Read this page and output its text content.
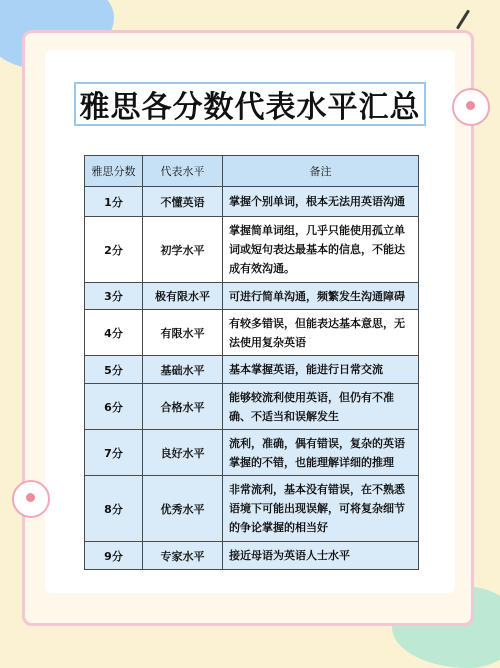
雅思各分数代表水平汇总
雅思分数	代表水平	备注
1分	不懂英语	掌握个别单词，根本无法用英语沟通
2分	初学水平	掌握简单词组，几乎只能使用孤立单词或短句表达最基本的信息，不能达成有效沟通。
3分	极有限水平	可进行简单沟通，频繁发生沟通障碍
4分	有限水平	有较多错误，但能表达基本意思，无法使用复杂英语
5分	基础水平	基本掌握英语，能进行日常交流
6分	合格水平	能够较流利使用英语，但仍有不准确、不适当和误解发生
7分	良好水平	流利，准确，偶有错误，复杂的英语掌握的不错，也能理解详细的推理
8分	优秀水平	非常流利，基本没有错误，在不熟悉语境下可能出现误解，可将复杂细节的争论掌握的相当好
9分	专家水平	接近母语为英语人士水平
